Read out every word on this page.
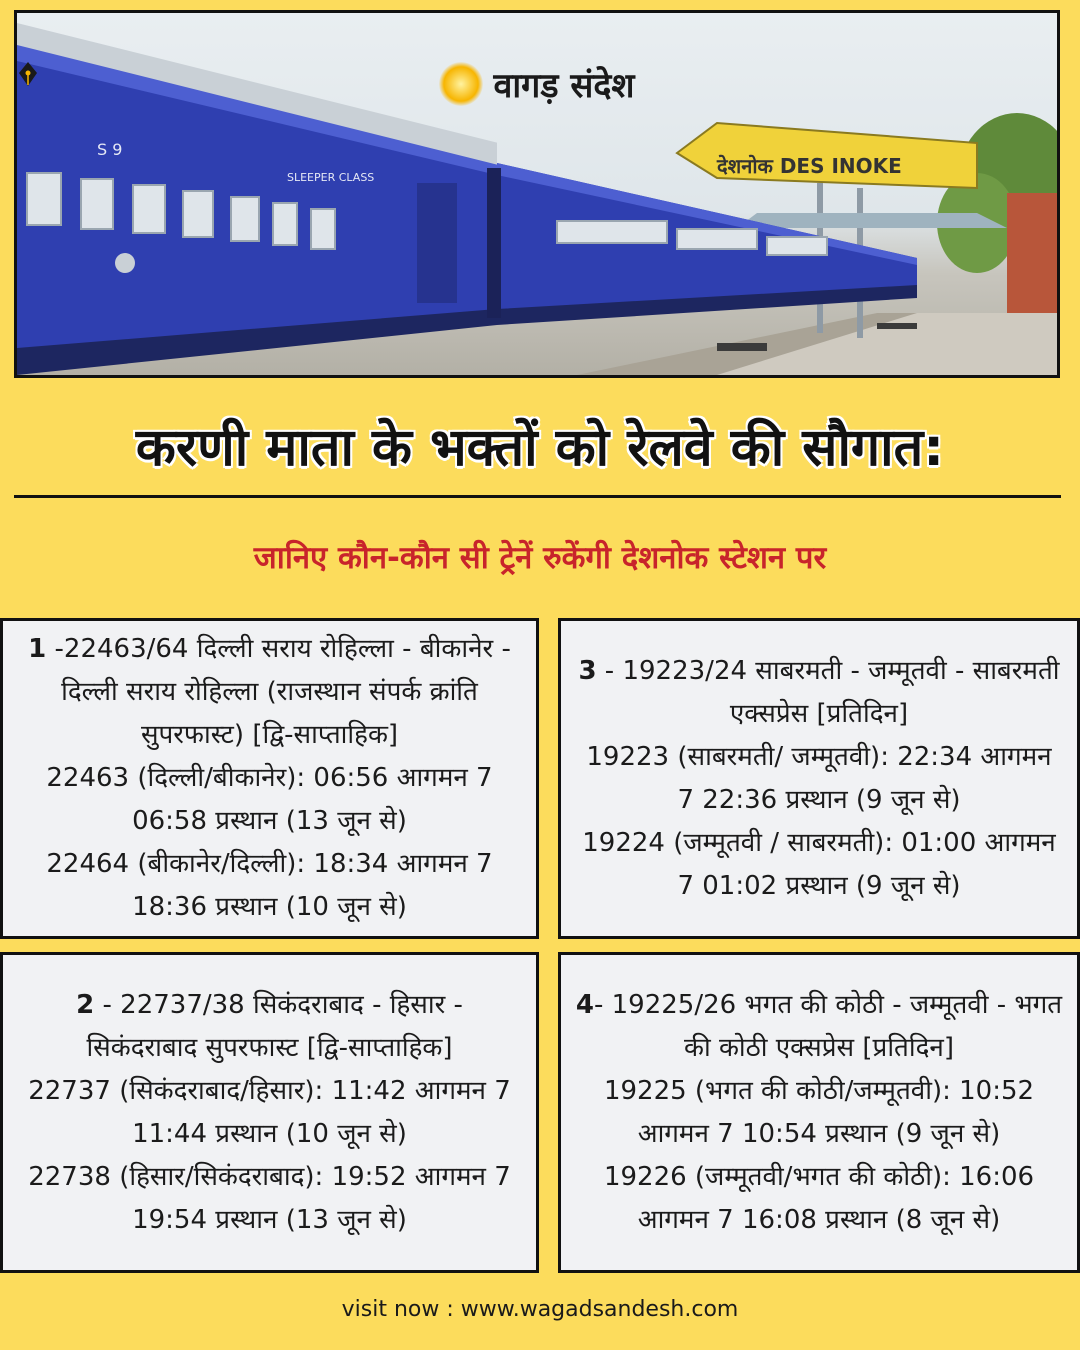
देशनोक DES INOKE
SLEEPER CLASS
S 9
वागड़ संदेश
करणी माता के भक्तों को रेलवे की सौगात:
जानिए कौन-कौन सी ट्रेनें रुकेंगी देशनोक स्टेशन पर

1 -22463/64 दिल्ली सराय रोहिल्ला - बीकानेर - दिल्ली सराय रोहिल्ला (राजस्थान संपर्क क्रांति सुपरफास्ट) [द्वि-साप्ताहिक]
22463 (दिल्ली/बीकानेर): 06:56 आगमन 7 06:58 प्रस्थान (13 जून से)
22464 (बीकानेर/दिल्ली): 18:34 आगमन 7 18:36 प्रस्थान (10 जून से)

3 - 19223/24 साबरमती - जम्मूतवी - साबरमती एक्सप्रेस [प्रतिदिन]
19223 (साबरमती/ जम्मूतवी): 22:34 आगमन 7 22:36 प्रस्थान (9 जून से)
19224 (जम्मूतवी / साबरमती): 01:00 आगमन 7 01:02 प्रस्थान (9 जून से)

2 - 22737/38 सिकंदराबाद - हिसार - सिकंदराबाद सुपरफास्ट [द्वि-साप्ताहिक]
22737 (सिकंदराबाद/हिसार): 11:42 आगमन 7 11:44 प्रस्थान (10 जून से)
22738 (हिसार/सिकंदराबाद): 19:52 आगमन 7 19:54 प्रस्थान (13 जून से)

4- 19225/26 भगत की कोठी - जम्मूतवी - भगत की कोठी एक्सप्रेस [प्रतिदिन]
19225 (भगत की कोठी/जम्मूतवी): 10:52 आगमन 7 10:54 प्रस्थान (9 जून से)
19226 (जम्मूतवी/भगत की कोठी): 16:06 आगमन 7 16:08 प्रस्थान (8 जून से)

visit now : www.wagadsandesh.com
